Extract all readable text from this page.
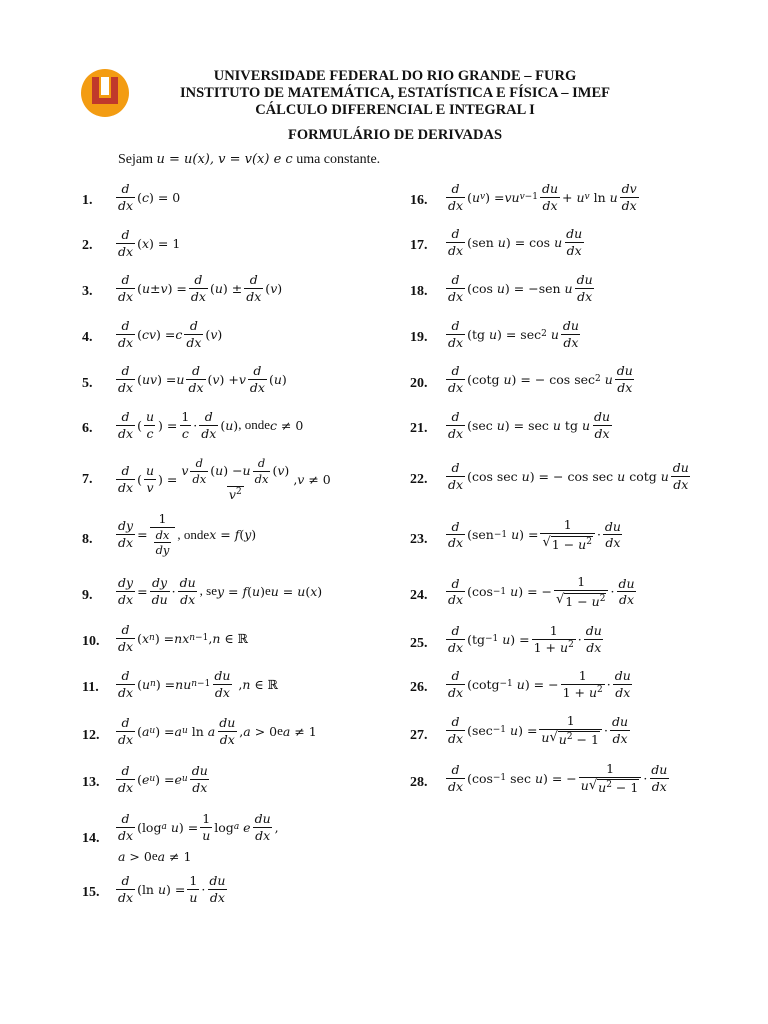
UNIVERSIDADE FEDERAL DO RIO GRANDE – FURG
INSTITUTO DE MATEMÁTICA, ESTATÍSTICA E FÍSICA – IMEF
CÁLCULO DIFERENCIAL E INTEGRAL I
FORMULÁRIO DE DERIVADAS
Sejam u = u(x), v = v(x) e c uma constante.
1.
d
dx
( c ) = 0
2.
d
dx
( x ) = 1
3.
d
dx
( u ± v ) =
d
dx
( u ) ±
d
dx
( v )
4.
d
dx
( cv ) = c
d
dx
( v )
5.
d
dx
( uv ) = u
d
dx
( v ) + v
d
dx
( u )
6.
d
dx
(
u
c
) =
1
c
·
d
dx
( u ) , onde c ≠ 0
7.
d
dx
(
u
v
) =
v
d
dx
( u ) − u
d
dx
( v )
$v^2$
, v ≠ 0
8.
dy
dx
=
1
$\frac{dx}{dy}$ , onde x = f ( y )
9.
dy
dx
=
dy
du
·
du
dx
, se y = f ( u ) e u = u ( x )
10.
d
dx
( x n ) = nx n−1 , n ∈ ℝ
11.
d
dx
( u n ) = nu n−1
du
dx
, n ∈ ℝ
12.
d
dx
( a u ) = a u ln a
du
dx
, a > 0 e a ≠ 1
13.
d
dx
( e u ) = e u
du
dx
14.
d
dx
(log a
u ) =
1
u
log a
e
du
dx
,
a > 0 e a ≠ 1
15.
d
dx
(ln u ) =
1
u
·
du
dx
16.
d
dx
( u v ) = vu v−1
du
dx
+ u v ln u
dv
dx
17.
d
dx
(sen u ) = cos u
du
dx
18.
d
dx
(cos u ) = −sen u
du
dx
19.
d
dx
(tg u ) = sec 2
u
du
dx
20.
d
dx
(cotg u ) = − cos sec 2
u
du
dx
21.
d
dx
(sec u ) = sec u tg u
du
dx
22.
d
dx
(cos sec u ) = − cos sec u cotg u
du
dx
23.
d
dx
(sen −1
u ) =
1
√ $1 - u^2$ ·
du
dx
24.
d
dx
(cos −1
u ) = −
1
√ $1 - u^2$ ·
du
dx
25.
d
dx
(tg −1
u ) =
1
$1 + u^2$ ·
du
dx
26.
d
dx
(cotg −1
u ) = −
1
$1 + u^2$ ·
du
dx
27.
d
dx
(sec −1
u ) =
1
u √ $u^2 - 1$
·
du
dx
28.
d
dx
(cos −1 sec u ) = −
1
u √ $u^2 - 1$
·
du
dx
